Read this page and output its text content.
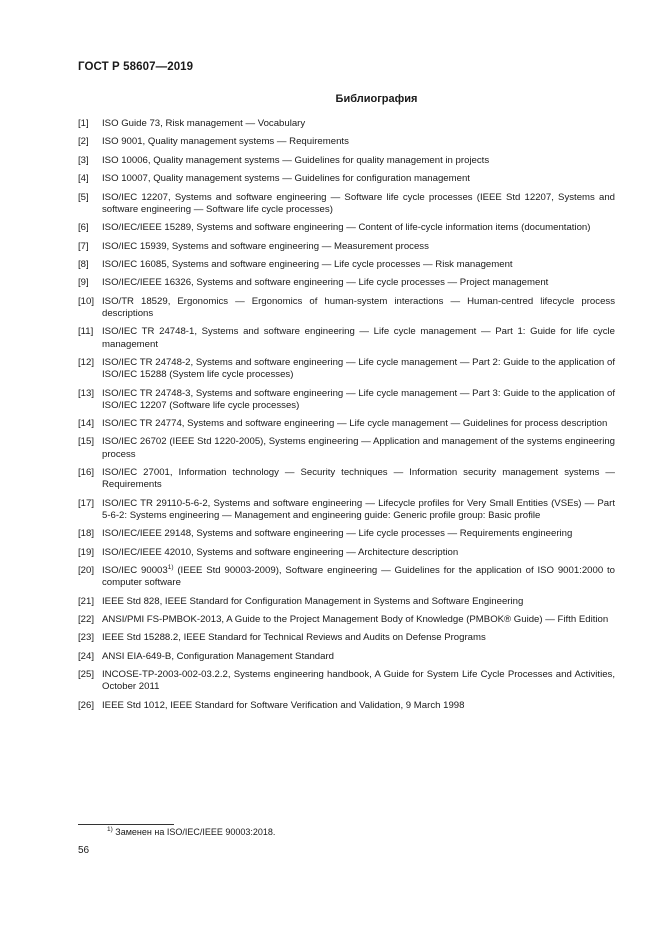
ГОСТ Р 58607—2019
Библиография
[1]	ISO Guide 73, Risk management — Vocabulary
[2]	ISO 9001, Quality management systems — Requirements
[3]	ISO 10006, Quality management systems — Guidelines for quality management in projects
[4]	ISO 10007, Quality management systems — Guidelines for configuration management
[5]	ISO/IEC 12207, Systems and software engineering — Software life cycle processes (IEEE Std 12207, Systems and software engineering — Software life cycle processes)
[6]	ISO/IEC/IEEE 15289, Systems and software engineering — Content of life-cycle information items (documentation)
[7]	ISO/IEC 15939, Systems and software engineering — Measurement process
[8]	ISO/IEC 16085, Systems and software engineering — Life cycle processes — Risk management
[9]	ISO/IEC/IEEE 16326, Systems and software engineering — Life cycle processes — Project management
[10] ISO/TR 18529, Ergonomics — Ergonomics of human-system interactions — Human-centred lifecycle process descriptions
[11] ISO/IEC TR 24748-1, Systems and software engineering — Life cycle management — Part 1: Guide for life cycle management
[12] ISO/IEC TR 24748-2, Systems and software engineering — Life cycle management — Part 2: Guide to the application of ISO/IEC 15288 (System life cycle processes)
[13] ISO/IEC TR 24748-3, Systems and software engineering — Life cycle management — Part 3: Guide to the application of ISO/IEC 12207 (Software life cycle processes)
[14] ISO/IEC TR 24774, Systems and software engineering — Life cycle management — Guidelines for process description
[15] ISO/IEC 26702 (IEEE Std 1220-2005), Systems engineering — Application and management of the systems engineering process
[16] ISO/IEC 27001, Information technology — Security techniques — Information security management systems — Requirements
[17] ISO/IEC TR 29110-5-6-2, Systems and software engineering — Lifecycle profiles for Very Small Entities (VSEs) — Part 5-6-2: Systems engineering — Management and engineering guide: Generic profile group: Basic profile
[18] ISO/IEC/IEEE 29148, Systems and software engineering — Life cycle processes — Requirements engineering
[19] ISO/IEC/IEEE 42010, Systems and software engineering — Architecture description
[20] ISO/IEC 90003$^{1)}$ (IEEE Std 90003-2009), Software engineering — Guidelines for the application of ISO 9001:2000 to computer software
[21] IEEE Std 828, IEEE Standard for Configuration Management in Systems and Software Engineering
[22] ANSI/PMI FS-PMBOK-2013, A Guide to the Project Management Body of Knowledge (PMBOK® Guide) — Fifth Edition
[23] IEEE Std 15288.2, IEEE Standard for Technical Reviews and Audits on Defense Programs
[24] ANSI EIA-649-B, Configuration Management Standard
[25] INCOSE-TP-2003-002-03.2.2, Systems engineering handbook, A Guide for System Life Cycle Processes and Activities, October 2011
[26] IEEE Std 1012, IEEE Standard for Software Verification and Validation, 9 March 1998
$^{1)}$ Заменен на ISO/IEC/IEEE 90003:2018.
56
